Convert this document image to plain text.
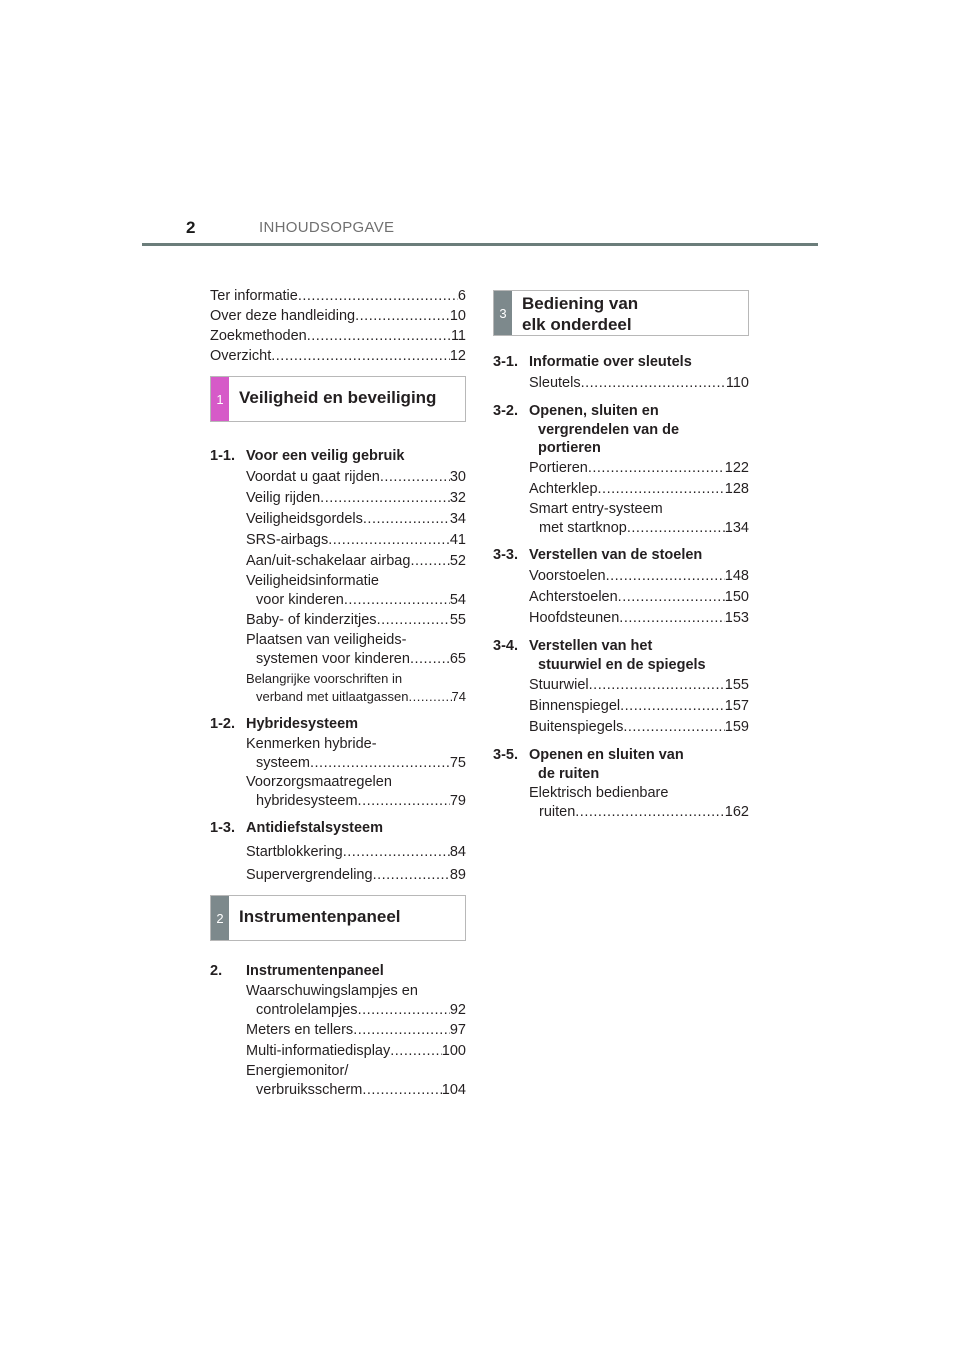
2	INHOUDSOPGAVE
Ter informatie .....	6
Over deze handleiding .....	10
Zoekmethoden .....	11
Overzicht .....	12
1 Veiligheid en beveiliging
1-1. Voor een veilig gebruik
Voordat u gaat rijden .....	30
Veilig rijden .....	32
Veiligheidsgordels .....	34
SRS-airbags .....	41
Aan/uit-schakelaar airbag .....	52
Veiligheidsinformatie
voor kinderen .....	54
Baby- of kinderzitjes .....	55
Plaatsen van veiligheids-
systemen voor kinderen .....	65
Belangrijke voorschriften in
verband met uitlaatgassen .....	74
1-2. Hybridesysteem
Kenmerken hybride-
systeem .....	75
Voorzorgsmaatregelen
hybridesysteem .....	79
1-3. Antidiefstalsysteem
Startblokkering .....	84
Supervergrendeling .....	89
2 Instrumentenpaneel
2.	Instrumentenpaneel
Waarschuwingslampjes en
controlelampjes .....	92
Meters en tellers .....	97
Multi-informatiedisplay .....	100
Energiemonitor/
verbruiksscherm .....	104
3 Bediening van
elk onderdeel
3-1. Informatie over sleutels
Sleutels .....	110
3-2. Openen, sluiten en
vergrendelen van de
portieren
Portieren .....	122
Achterklep .....	128
Smart entry-systeem
met startknop .....	134
3-3. Verstellen van de stoelen
Voorstoelen .....	148
Achterstoelen .....	150
Hoofdsteunen .....	153
3-4. Verstellen van het
stuurwiel en de spiegels
Stuurwiel .....	155
Binnenspiegel .....	157
Buitenspiegels .....	159
3-5. Openen en sluiten van
de ruiten
Elektrisch bedienbare
ruiten .....	162
